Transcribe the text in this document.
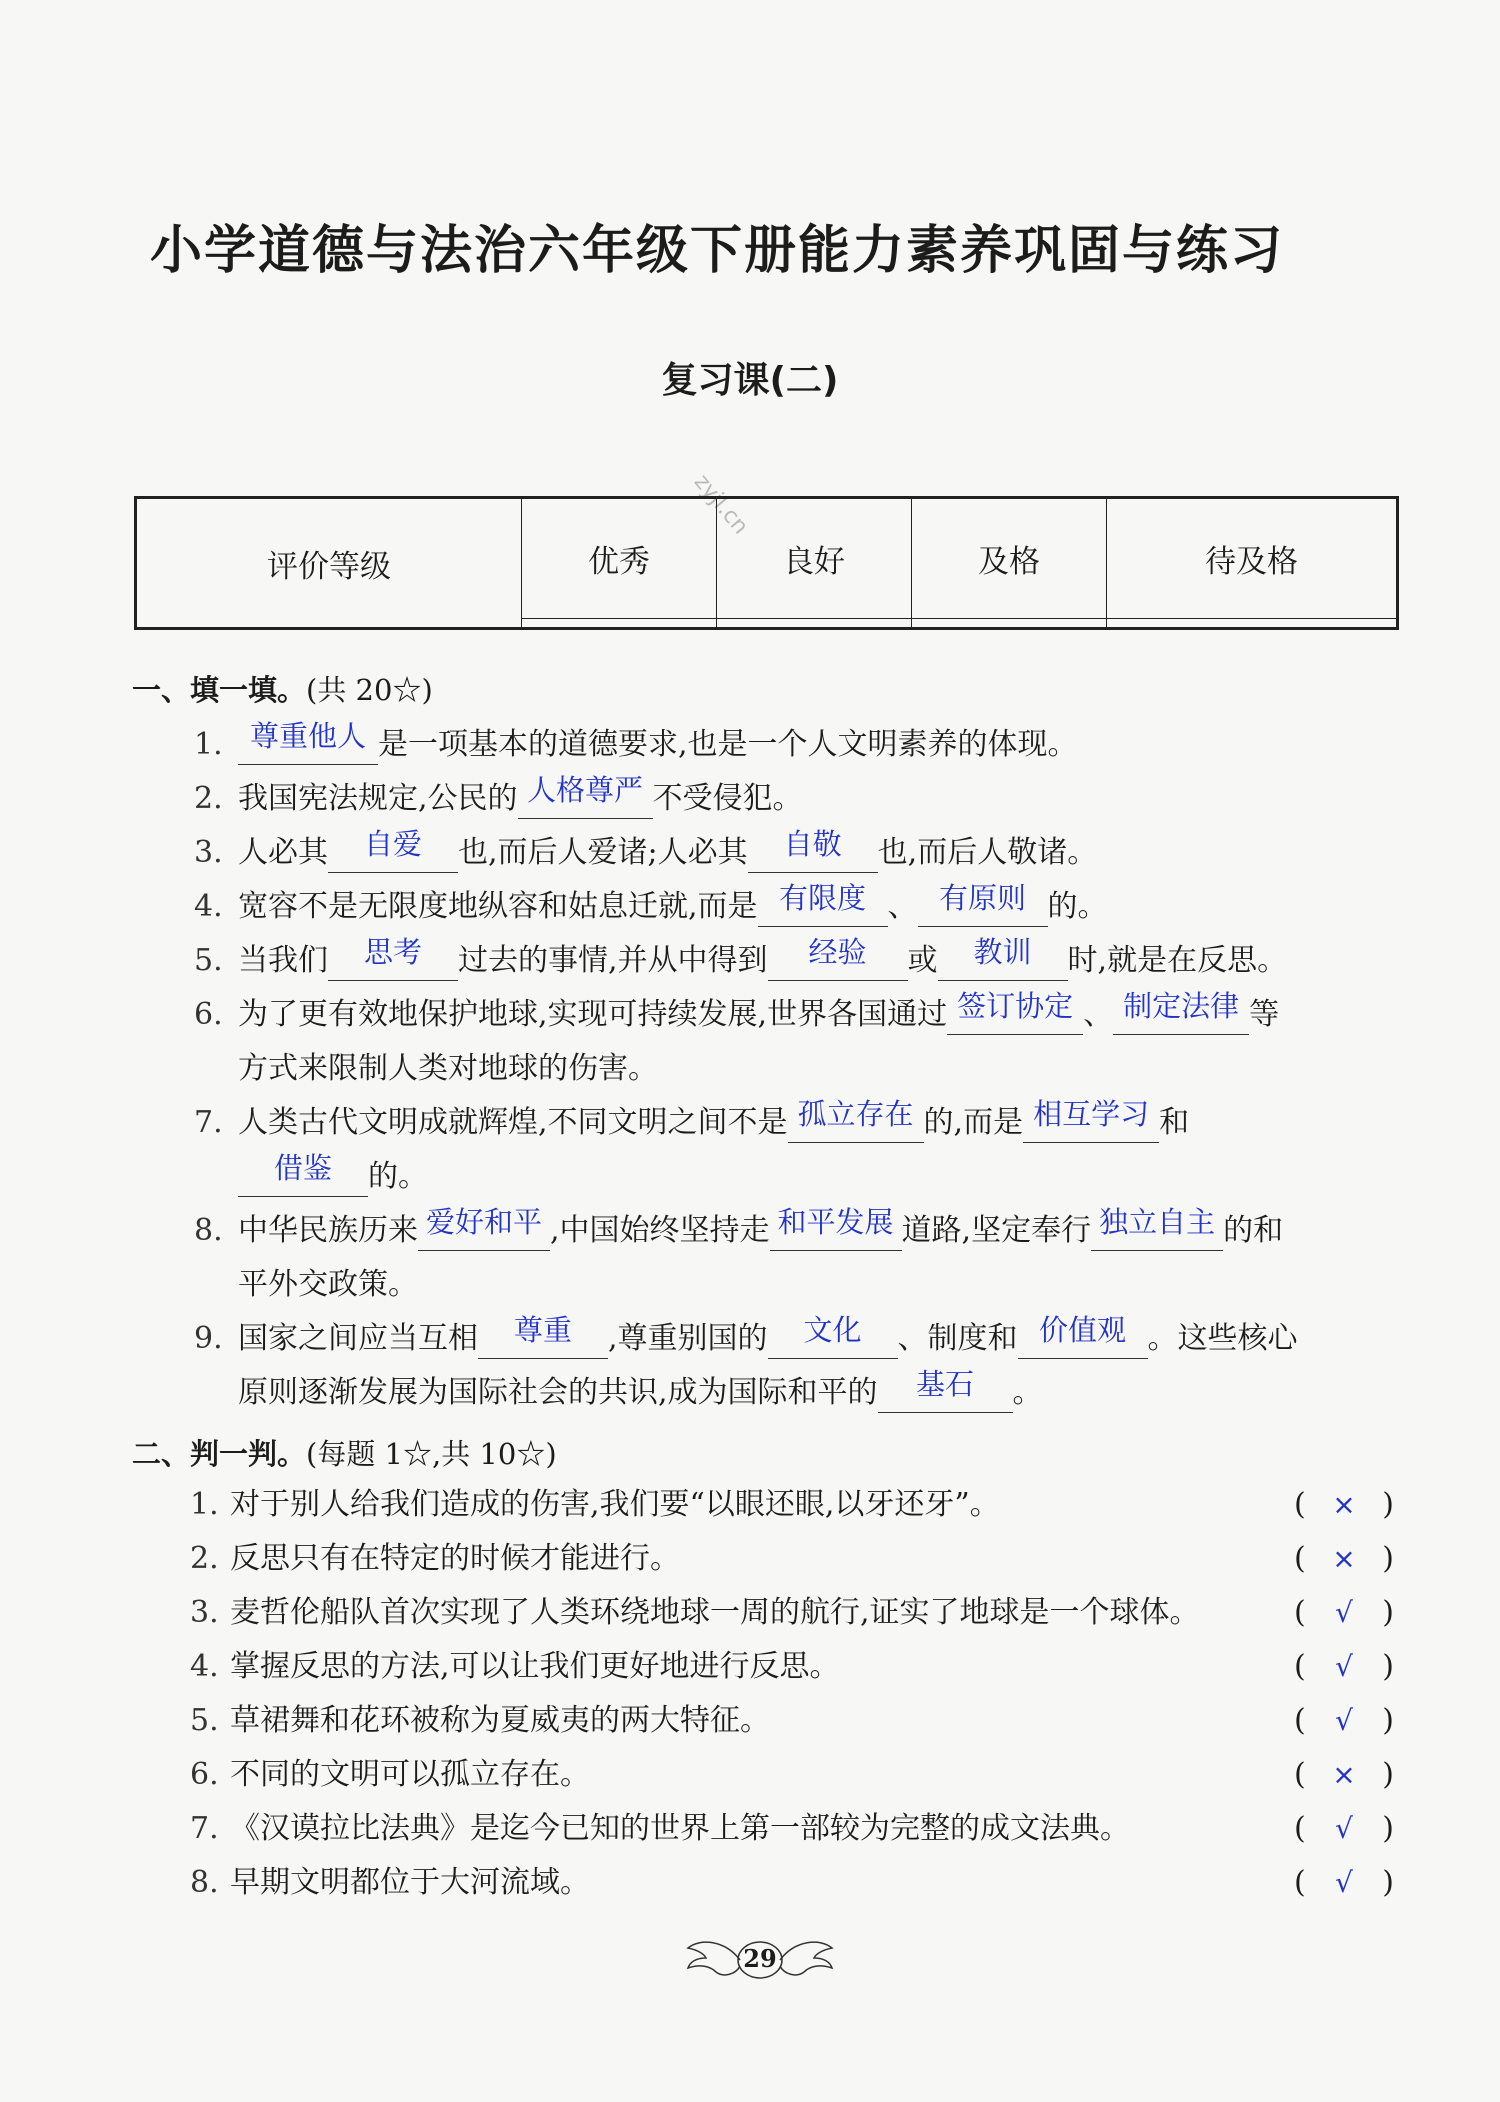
小学道德与法治六年级下册能力素养巩固与练习
复习课(二)
zyjl.cn
评价等级	优秀	良好	及格	待及格

一、填一填。(共 20☆)
1. 尊重他人 是一项基本的道德要求,也是一个人文明素养的体现。
2. 我国宪法规定,公民的 人格尊严 不受侵犯。
3. 人必其 自爱 也,而后人爱诸;人必其 自敬 也,而后人敬诸。
4. 宽容不是无限度地纵容和姑息迁就,而是 有限度 、 有原则 的。
5. 当我们 思考 过去的事情,并从中得到 经验 或 教训 时,就是在反思。
6. 为了更有效地保护地球,实现可持续发展,世界各国通过 签订协定 、 制定法律 等
方式来限制人类对地球的伤害。
7. 人类古代文明成就辉煌,不同文明之间不是 孤立存在 的,而是 相互学习 和
借鉴 的。
8. 中华民族历来 爱好和平 ,中国始终坚持走 和平发展 道路,坚定奉行 独立自主 的和
平外交政策。
9. 国家之间应当互相 尊重 ,尊重别国的 文化 、制度和 价值观 。这些核心
原则逐渐发展为国际社会的共识,成为国际和平的 基石 。
二、判一判。(每题 1☆,共 10☆)
1. 对于别人给我们造成的伤害,我们要“以眼还眼,以牙还牙”。	( × )
2. 反思只有在特定的时候才能进行。	( × )
3. 麦哲伦船队首次实现了人类环绕地球一周的航行,证实了地球是一个球体。	( √ )
4. 掌握反思的方法,可以让我们更好地进行反思。	( √ )
5. 草裙舞和花环被称为夏威夷的两大特征。	( √ )
6. 不同的文明可以孤立存在。	( × )
7. 《汉谟拉比法典》是迄今已知的世界上第一部较为完整的成文法典。	( √ )
8. 早期文明都位于大河流域。	( √ )
29
